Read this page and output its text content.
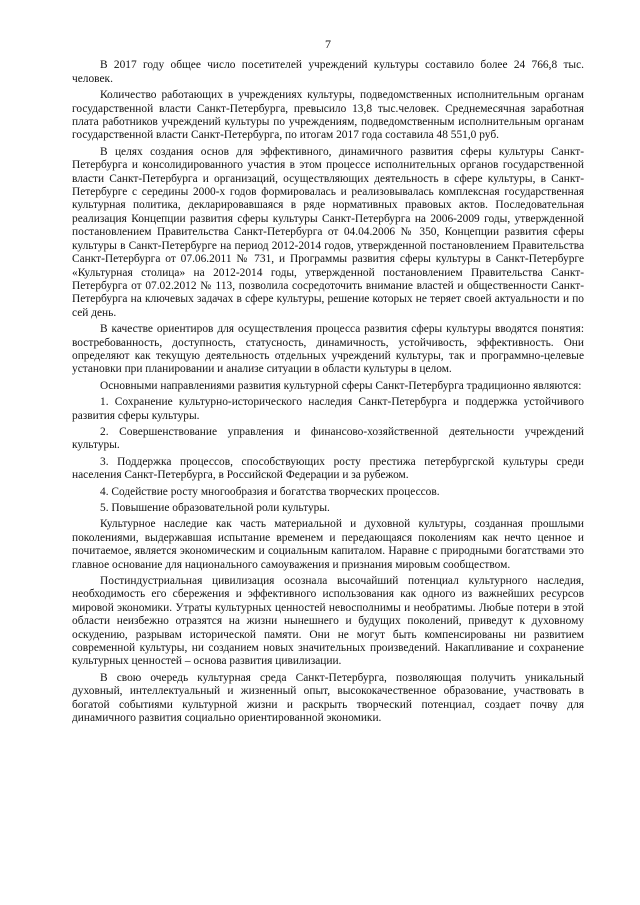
7

В 2017 году общее число посетителей учреждений культуры составило более 24 766,8 тыс. человек.

Количество работающих в учреждениях культуры, подведомственных исполнительным органам государственной власти Санкт-Петербурга, превысило 13,8 тыс.человек. Среднемесячная заработная плата работников учреждений культуры по учреждениям, подведомственным исполнительным органам государственной власти Санкт-Петербурга, по итогам 2017 года составила 48 551,0 руб.

В целях создания основ для эффективного, динамичного развития сферы культуры Санкт-Петербурга и консолидированного участия в этом процессе исполнительных органов государственной власти Санкт-Петербурга и организаций, осуществляющих деятельность в сфере культуры, в Санкт-Петербурге с середины 2000-х годов формировалась и реализовывалась комплексная государственная культурная политика, декларировавшаяся в ряде нормативных правовых актов. Последовательная реализация Концепции развития сферы культуры Санкт-Петербурга на 2006-2009 годы, утвержденной постановлением Правительства Санкт-Петербурга от 04.04.2006 № 350, Концепции развития сферы культуры в Санкт-Петербурге на период 2012-2014 годов, утвержденной постановлением Правительства Санкт-Петербурга от 07.06.2011 № 731, и Программы развития сферы культуры в Санкт-Петербурге «Культурная столица» на 2012-2014 годы, утвержденной постановлением Правительства Санкт-Петербурга от 07.02.2012 № 113, позволила сосредоточить внимание властей и общественности Санкт-Петербурга на ключевых задачах в сфере культуры, решение которых не теряет своей актуальности и по сей день.

В качестве ориентиров для осуществления процесса развития сферы культуры вводятся понятия: востребованность, доступность, статусность, динамичность, устойчивость, эффективность. Они определяют как текущую деятельность отдельных учреждений культуры, так и программно-целевые установки при планировании и анализе ситуации в области культуры в целом.

Основными направлениями развития культурной сферы Санкт-Петербурга традиционно являются:

1. Сохранение культурно-исторического наследия Санкт-Петербурга и поддержка устойчивого развития сферы культуры.

2. Совершенствование управления и финансово-хозяйственной деятельности учреждений культуры.

3. Поддержка процессов, способствующих росту престижа петербургской культуры среди населения Санкт-Петербурга, в Российской Федерации и за рубежом.

4. Содействие росту многообразия и богатства творческих процессов.

5. Повышение образовательной роли культуры.

Культурное наследие как часть материальной и духовной культуры, созданная прошлыми поколениями, выдержавшая испытание временем и передающаяся поколениям как нечто ценное и почитаемое, является экономическим и социальным капиталом. Наравне с природными богатствами это главное основание для национального самоуважения и признания мировым сообществом.

Постиндустриальная цивилизация осознала высочайший потенциал культурного наследия, необходимость его сбережения и эффективного использования как одного из важнейших ресурсов мировой экономики. Утраты культурных ценностей невосполнимы и необратимы. Любые потери в этой области неизбежно отразятся на жизни нынешнего и будущих поколений, приведут к духовному оскудению, разрывам исторической памяти. Они не могут быть компенсированы ни развитием современной культуры, ни созданием новых значительных произведений. Накапливание и сохранение культурных ценностей – основа развития цивилизации.

В свою очередь культурная среда Санкт-Петербурга, позволяющая получить уникальный духовный, интеллектуальный и жизненный опыт, высококачественное образование, участвовать в богатой событиями культурной жизни и раскрыть творческий потенциал, создает почву для динамичного развития социально ориентированной экономики.
